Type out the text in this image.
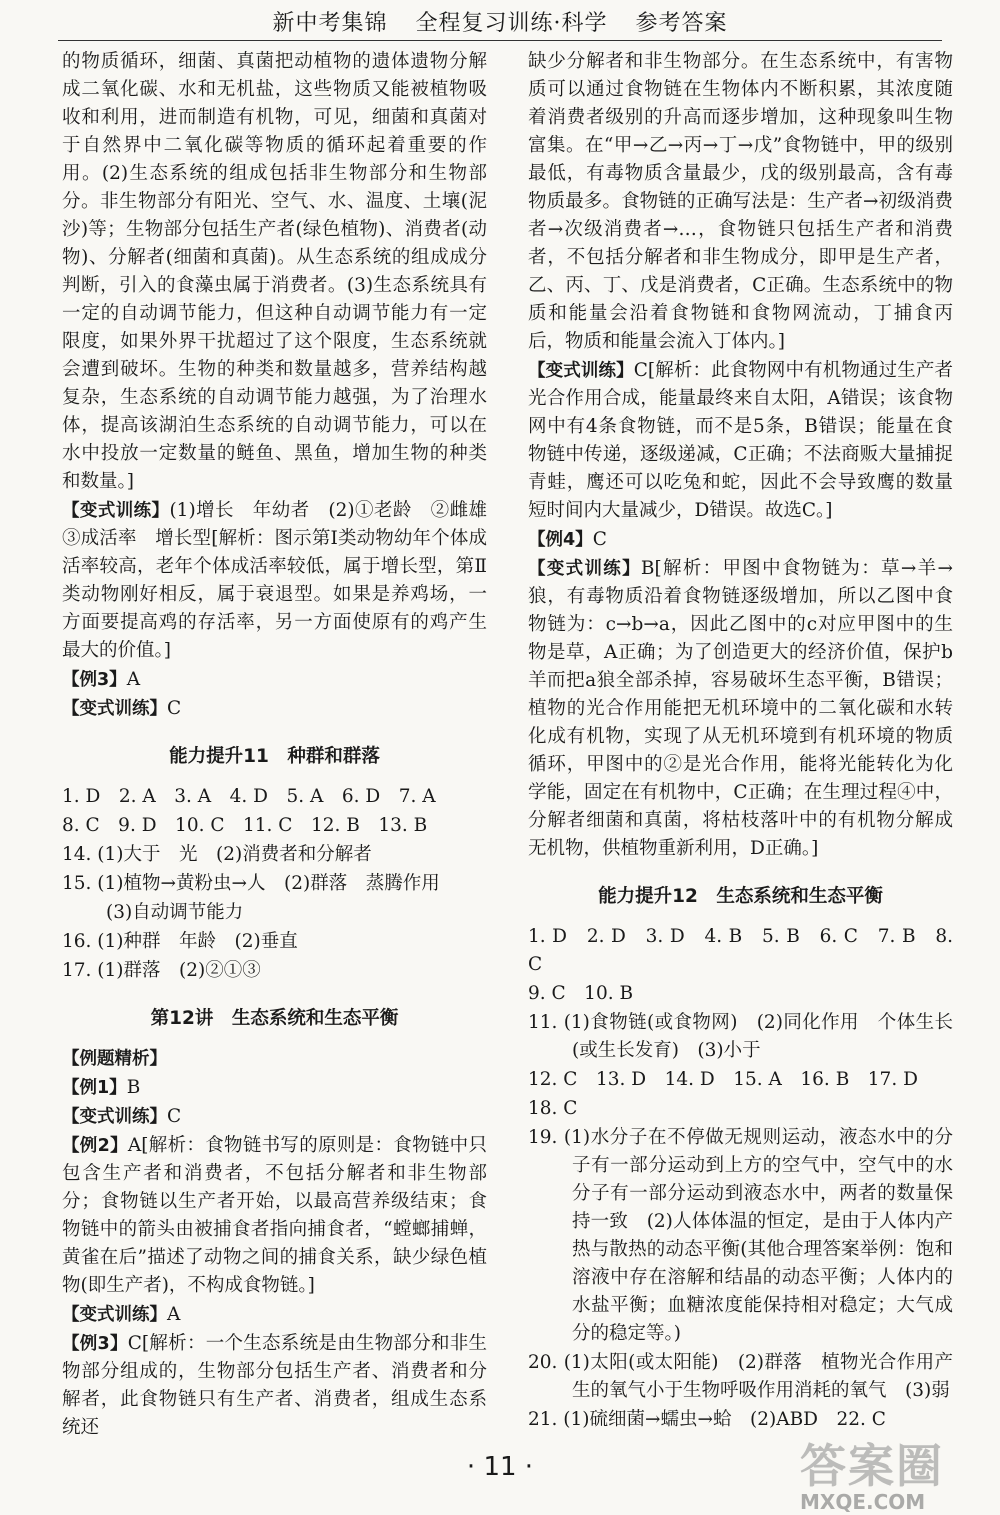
新中考集锦 全程复习训练·科学 参考答案

的物质循环，细菌、真菌把动植物的遗体遗物分解成二氧化碳、水和无机盐，这些物质又能被植物吸收和利用，进而制造有机物，可见，细菌和真菌对于自然界中二氧化碳等物质的循环起着重要的作用。(2)生态系统的组成包括非生物部分和生物部分。非生物部分有阳光、空气、水、温度、土壤(泥沙)等；生物部分包括生产者(绿色植物)、消费者(动物)、分解者(细菌和真菌)。从生态系统的组成成分判断，引入的食藻虫属于消费者。(3)生态系统具有一定的自动调节能力，但这种自动调节能力有一定限度，如果外界干扰超过了这个限度，生态系统就会遭到破坏。生物的种类和数量越多，营养结构越复杂，生态系统的自动调节能力越强，为了治理水体，提高该湖泊生态系统的自动调节能力，可以在水中投放一定数量的鲢鱼、黑鱼，增加生物的种类和数量。]

【变式训练】(1)增长　年幼者　(2)①老龄　②雌雄　③成活率　增长型[解析：图示第Ⅰ类动物幼年个体成活率较高，老年个体成活率较低，属于增长型，第Ⅱ类动物刚好相反，属于衰退型。如果是养鸡场，一方面要提高鸡的存活率，另一方面使原有的鸡产生最大的价值。]

【例3】A

【变式训练】C

能力提升11　种群和群落

1. D　2. A　3. A　4. D　5. A　6. D　7. A

8. C　9. D　10. C　11. C　12. B　13. B

14. (1)大于　光　(2)消费者和分解者

15. (1)植物→黄粉虫→人　(2)群落　蒸腾作用

(3)自动调节能力

16. (1)种群　年龄　(2)垂直

17. (1)群落　(2)②①③

第12讲　生态系统和生态平衡

【例题精析】

【例1】B

【变式训练】C

【例2】A[解析：食物链书写的原则是：食物链中只包含生产者和消费者，不包括分解者和非生物部分；食物链以生产者开始，以最高营养级结束；食物链中的箭头由被捕食者指向捕食者，“螳螂捕蝉，黄雀在后”描述了动物之间的捕食关系，缺少绿色植物(即生产者)，不构成食物链。]

【变式训练】A

【例3】C[解析：一个生态系统是由生物部分和非生物部分组成的，生物部分包括生产者、消费者和分解者，此食物链只有生产者、消费者，组成生态系统还

缺少分解者和非生物部分。在生态系统中，有害物质可以通过食物链在生物体内不断积累，其浓度随着消费者级别的升高而逐步增加，这种现象叫生物富集。在“甲→乙→丙→丁→戊”食物链中，甲的级别最低，有毒物质含量最少，戊的级别最高，含有毒物质最多。食物链的正确写法是：生产者→初级消费者→次级消费者→…，食物链只包括生产者和消费者，不包括分解者和非生物成分，即甲是生产者，乙、丙、丁、戊是消费者，C正确。生态系统中的物质和能量会沿着食物链和食物网流动，丁捕食丙后，物质和能量会流入丁体内。]

【变式训练】C[解析：此食物网中有机物通过生产者光合作用合成，能量最终来自太阳，A错误；该食物网中有4条食物链，而不是5条，B错误；能量在食物链中传递，逐级递减，C正确；不法商贩大量捕捉青蛙，鹰还可以吃兔和蛇，因此不会导致鹰的数量短时间内大量减少，D错误。故选C。]

【例4】C

【变式训练】B[解析：甲图中食物链为：草→羊→狼，有毒物质沿着食物链逐级增加，所以乙图中食物链为：c→b→a，因此乙图中的c对应甲图中的生物是草，A正确；为了创造更大的经济价值，保护b羊而把a狼全部杀掉，容易破坏生态平衡，B错误；植物的光合作用能把无机环境中的二氧化碳和水转化成有机物，实现了从无机环境到有机环境的物质循环，甲图中的②是光合作用，能将光能转化为化学能，固定在有机物中，C正确；在生理过程④中，分解者细菌和真菌，将枯枝落叶中的有机物分解成无机物，供植物重新利用，D正确。]

能力提升12　生态系统和生态平衡

1. D　2. D　3. D　4. B　5. B　6. C　7. B　8. C

9. C　10. B

11. (1)食物链(或食物网)　(2)同化作用　个体生长(或生长发育)　(3)小于

12. C　13. D　14. D　15. A　16. B　17. D

18. C

19. (1)水分子在不停做无规则运动，液态水中的分子有一部分运动到上方的空气中，空气中的水分子有一部分运动到液态水中，两者的数量保持一致　(2)人体体温的恒定，是由于人体内产热与散热的动态平衡(其他合理答案举例：饱和溶液中存在溶解和结晶的动态平衡；人体内的水盐平衡；血糖浓度能保持相对稳定；大气成分的稳定等。)

20. (1)太阳(或太阳能)　(2)群落　植物光合作用产生的氧气小于生物呼吸作用消耗的氧气　(3)弱

21. (1)硫细菌→蠕虫→蛤　(2)ABD　22. C

· 11 ·	答案圈
MXQE.COM
